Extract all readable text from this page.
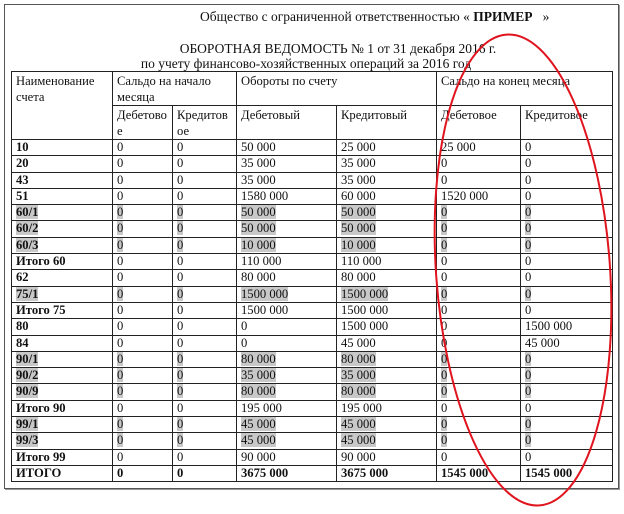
Общество с ограниченной ответственностью « ПРИМЕР »
ОБОРОТНАЯ ВЕДОМОСТЬ № 1 от 31 декабря 2016 г.
по учету финансово-хозяйственных операций за 2016 год
Наименование счета	Сальдо на начало месяца		Обороты по счету		Сальдо на конец месяца	
	Дебетовое	Кредитовое	Дебетовый	Кредитовый	Дебетовое	Кредитовое
10	0	0	50 000	25 000	25 000	0
20	0	0	35 000	35 000	0	0
43	0	0	35 000	35 000	0	0
51	0	0	1580 000	60 000	1520 000	0
60/1	0	0	50 000	50 000	0	0
60/2	0	0	50 000	50 000	0	0
60/3	0	0	10 000	10 000	0	0
Итого 60	0	0	110 000	110 000	0	0
62	0	0	80 000	80 000	0	0
75/1	0	0	1500 000	1500 000	0	0
Итого 75	0	0	1500 000	1500 000	0	0
80	0	0	0	1500 000	0	1500 000
84	0	0	0	45 000	0	45 000
90/1	0	0	80 000	80 000	0	0
90/2	0	0	35 000	35 000	0	0
90/9	0	0	80 000	80 000	0	0
Итого 90	0	0	195 000	195 000	0	0
99/1	0	0	45 000	45 000	0	0
99/3	0	0	45 000	45 000	0	0
Итого 99	0	0	90 000	90 000	0	0
ИТОГО	0	0	3675 000	3675 000	1545 000	1545 000
